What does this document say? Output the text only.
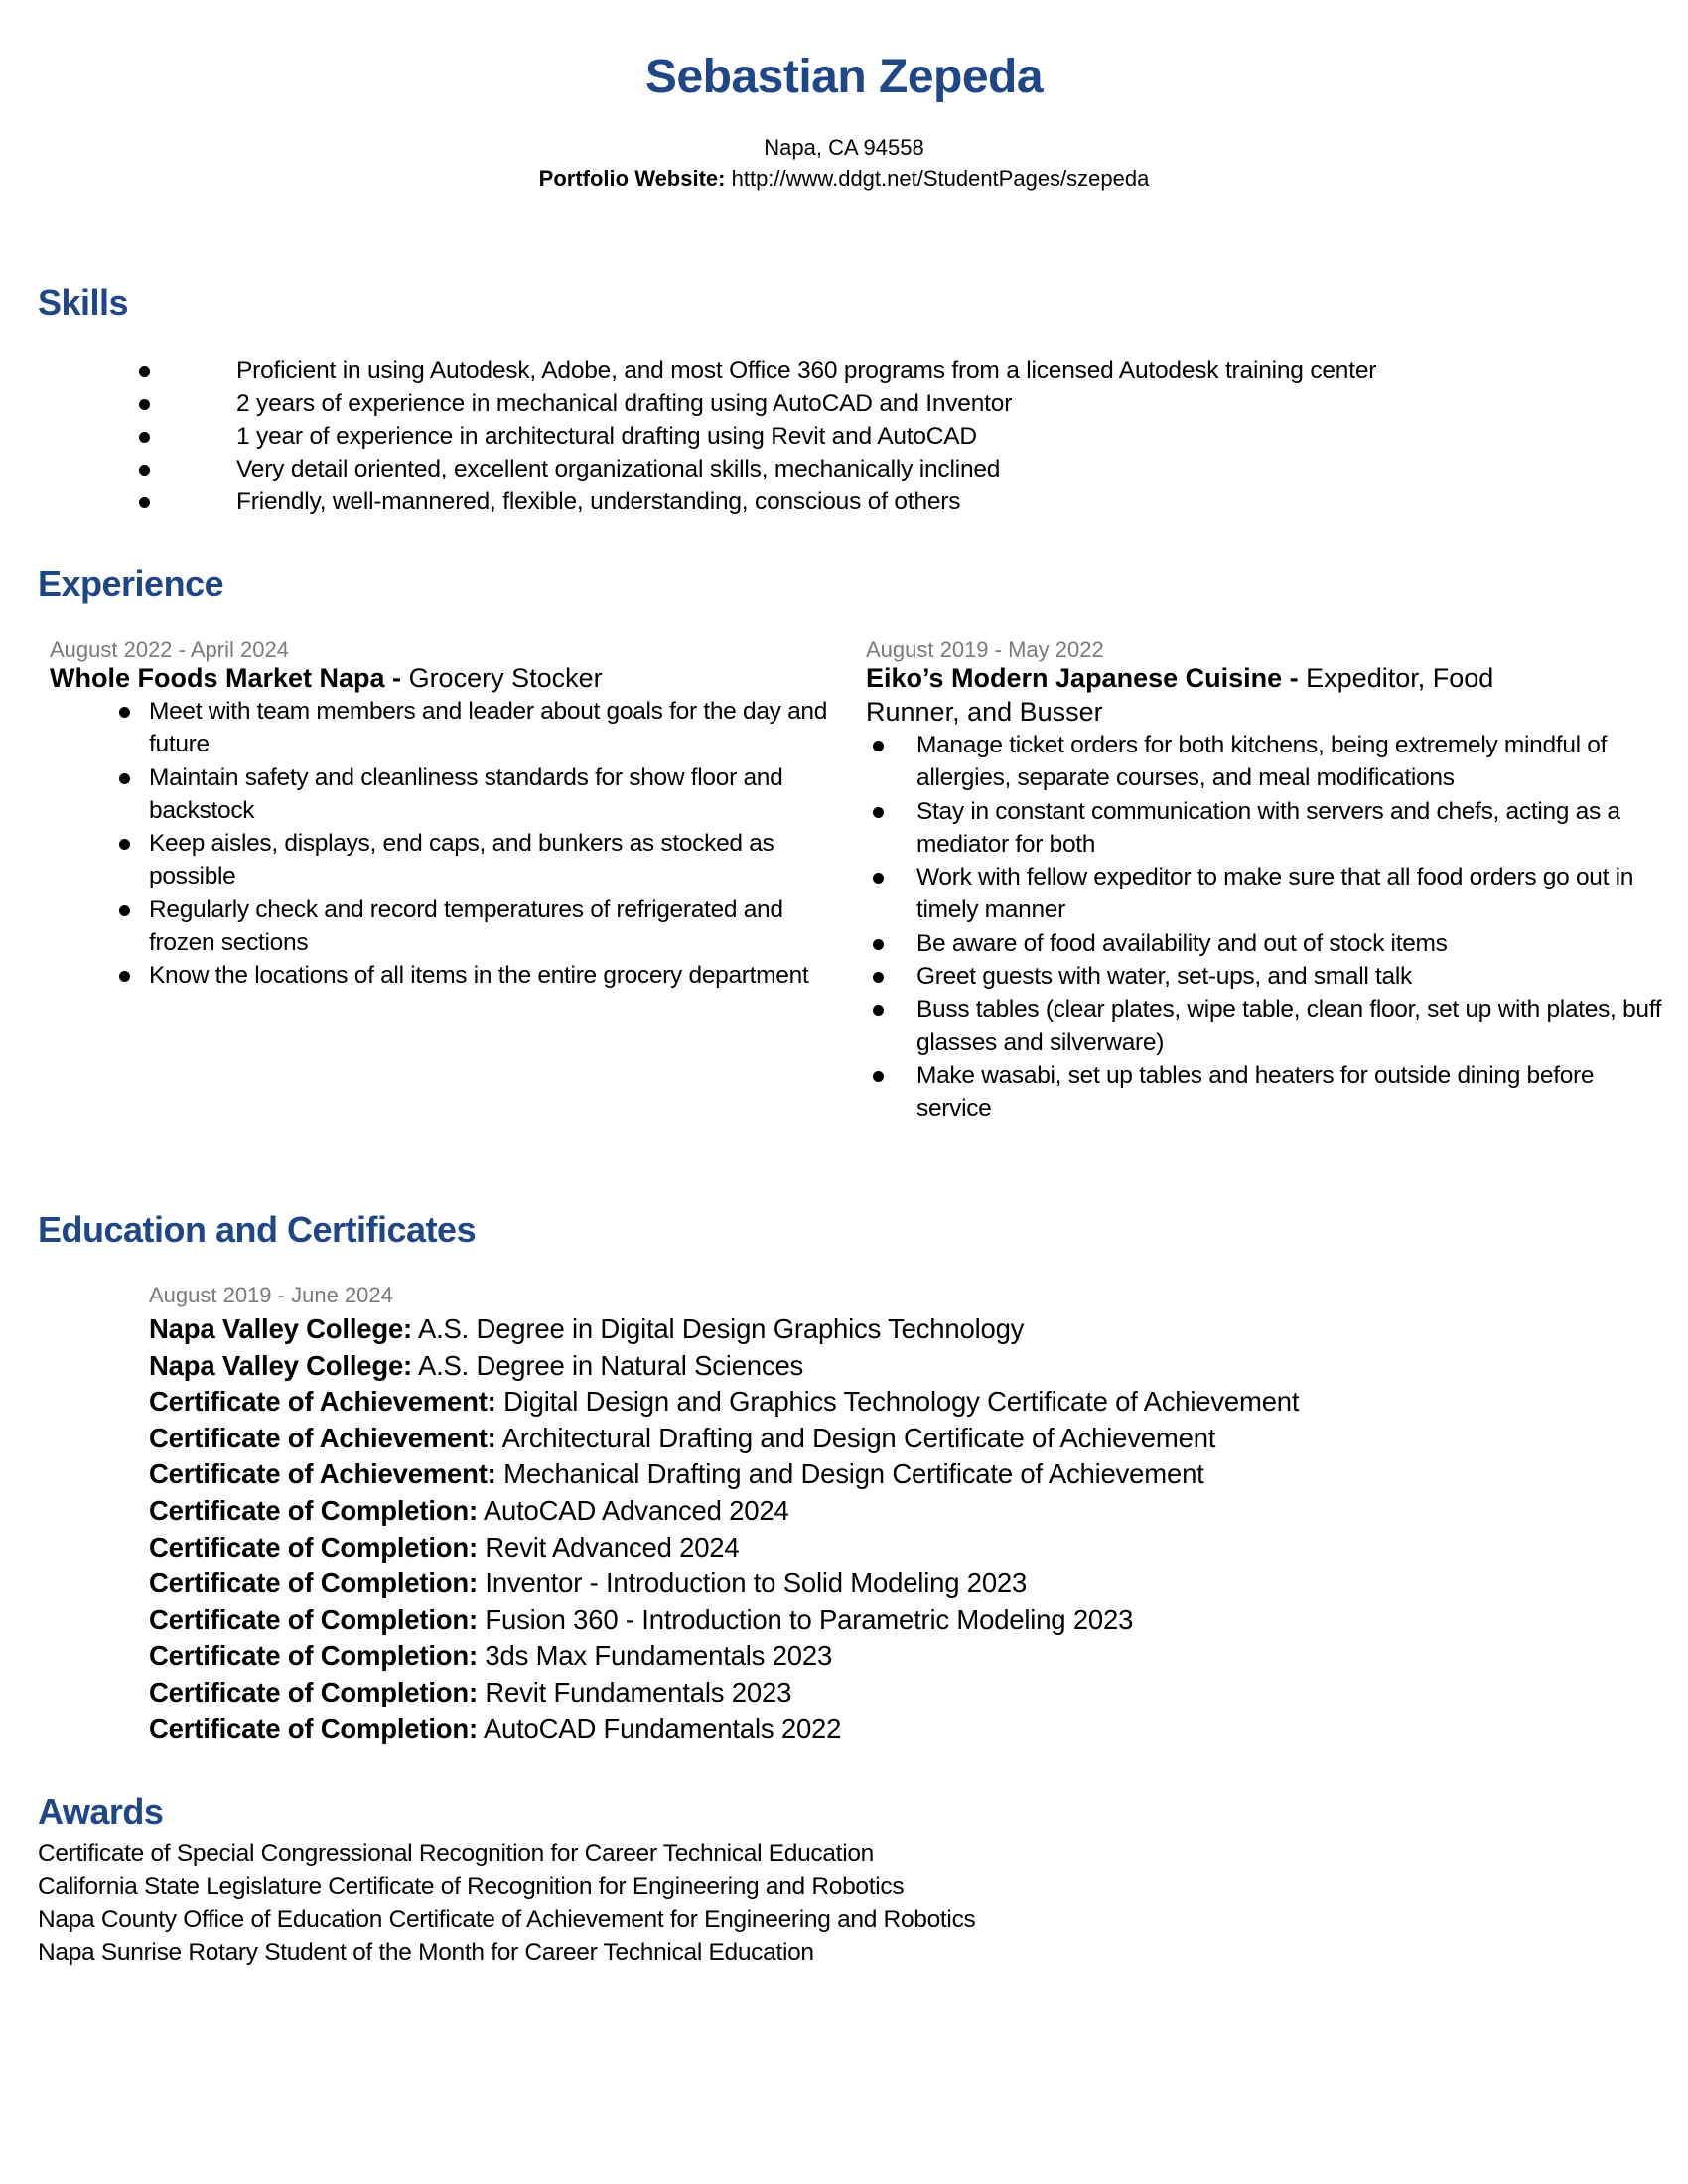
Sebastian Zepeda
Napa, CA 94558
Portfolio Website: http://www.ddgt.net/StudentPages/szepeda
Skills
Proficient in using Autodesk, Adobe, and most Office 360 programs from a licensed Autodesk training center
2 years of experience in mechanical drafting using AutoCAD and Inventor
1 year of experience in architectural drafting using Revit and AutoCAD
Very detail oriented, excellent organizational skills, mechanically inclined
Friendly, well-mannered, flexible, understanding, conscious of others
Experience
August 2022 - April 2024
Whole Foods Market Napa - Grocery Stocker
Meet with team members and leader about goals for the day and future
Maintain safety and cleanliness standards for show floor and backstock
Keep aisles, displays, end caps, and bunkers as stocked as possible
Regularly check and record temperatures of refrigerated and frozen sections
Know the locations of all items in the entire grocery department
August 2019 - May 2022
Eiko’s Modern Japanese Cuisine - Expeditor, Food Runner, and Busser
Manage ticket orders for both kitchens, being extremely mindful of allergies, separate courses, and meal modifications
Stay in constant communication with servers and chefs, acting as a mediator for both
Work with fellow expeditor to make sure that all food orders go out in timely manner
Be aware of food availability and out of stock items
Greet guests with water, set-ups, and small talk
Buss tables (clear plates, wipe table, clean floor, set up with plates, buff glasses and silverware)
Make wasabi, set up tables and heaters for outside dining before service
Education and Certificates
August 2019 - June 2024
Napa Valley College: A.S. Degree in Digital Design Graphics Technology
Napa Valley College: A.S. Degree in Natural Sciences
Certificate of Achievement: Digital Design and Graphics Technology Certificate of Achievement
Certificate of Achievement: Architectural Drafting and Design Certificate of Achievement
Certificate of Achievement: Mechanical Drafting and Design Certificate of Achievement
Certificate of Completion: AutoCAD Advanced 2024
Certificate of Completion: Revit Advanced 2024
Certificate of Completion: Inventor - Introduction to Solid Modeling 2023
Certificate of Completion: Fusion 360 - Introduction to Parametric Modeling 2023
Certificate of Completion: 3ds Max Fundamentals 2023
Certificate of Completion: Revit Fundamentals 2023
Certificate of Completion: AutoCAD Fundamentals 2022
Awards
Certificate of Special Congressional Recognition for Career Technical Education
California State Legislature Certificate of Recognition for Engineering and Robotics
Napa County Office of Education Certificate of Achievement for Engineering and Robotics
Napa Sunrise Rotary Student of the Month for Career Technical Education
